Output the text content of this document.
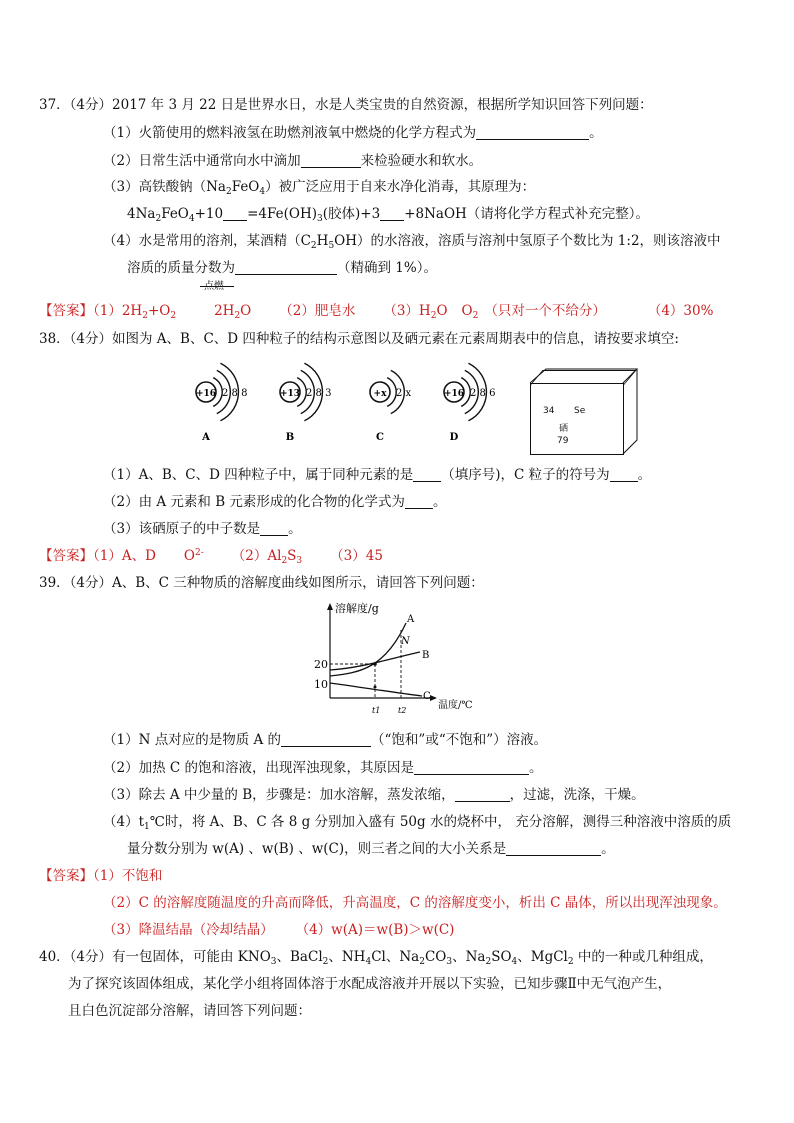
37．（4分）2017 年 3 月 22 日是世界水日，水是人类宝贵的自然资源，根据所学知识回答下列问题：
（1）火箭使用的燃料液氢在助燃剂液氧中燃烧的化学方程式为	。
（2）日常生活中通常向水中滴加	来检验硬水和软水。
（3）高铁酸钠$(Na_2FeO_4)$被广泛应用于自来水净化消毒，其原理为：
$4Na_2FeO_4+10 =4Fe(OH)_3$(胶体)+3 +8NaOH（请将化学方程式补充完整）。
（4）水是常用的溶剂，某酒精$(C_2H_5OH)$的水溶液，溶质与溶剂中氢原子个数比为 1:2，则该溶液中
溶质的质量分数为	（精确到 1%）。
点燃
【答案】$(1)2H_2+O_2$	$2H_2O$ （2）肥皂水 $(3)H_2O$ $O_2$ （只对一个不给分）	（4）30%
38．（4分）如图为 A、B、C、D 四种粒子的结构示意图以及硒元素在元素周期表中的信息，请按要求填空:
+16 2 8 8
A
+13 2 8 3
B
+x 2 x
C
+16 2 8 6
D
34 Se
硒
79
（1）A、B、C、D 四种粒子中，属于同种元素的是 （填序号)，C 粒子的符号为 。
（2）由 A 元素和 B 元素形成的化合物的化学式为 。
（3）该硒原子的中子数是 。
【答案】（1）A、D $O^{2-}$ $(2)Al_2S_3$ （3）45
39．（4分）A、B、C 三种物质的溶解度曲线如图所示，请回答下列问题：
溶解度/g
温度/℃
20
10
t1 t2
A
B
C
N
（1）N 点对应的是物质 A 的	（“饱和”或“不饱和”）溶液。
（2）加热 C 的饱和溶液，出现浑浊现象，其原因是	。
（3）除去 A 中少量的 B，步骤是：加水溶解，蒸发浓缩，	，过滤，洗涤，干燥。
$(4)t_1℃$时，将 A、B、C 各 8 g 分别加入盛有 50g 水的烧杯中， 充分溶解，测得三种溶液中溶质的质
量分数分别为 w(A) 、w(B) 、w(C)，则三者之间的大小关系是	。
【答案】（1）不饱和
（2）C 的溶解度随温度的升高而降低，升高温度，C 的溶解度变小，析出 C 晶体，所以出现浑浊现象。
（3）降温结晶（冷却结晶） （4）w(A)＝w(B)＞w(C)
40．（4分）有一包固体，可能由 $KNO_3$、BaCl$_2$、$NH_4Cl$、$Na_2CO_3$、$Na_2SO_4$、MgCl$_2$ 中的一种或几种组成，
为了探究该固体组成，某化学小组将固体溶于水配成溶液并开展以下实验，已知步骤Ⅱ中无气泡产生，
且白色沉淀部分溶解，请回答下列问题：
